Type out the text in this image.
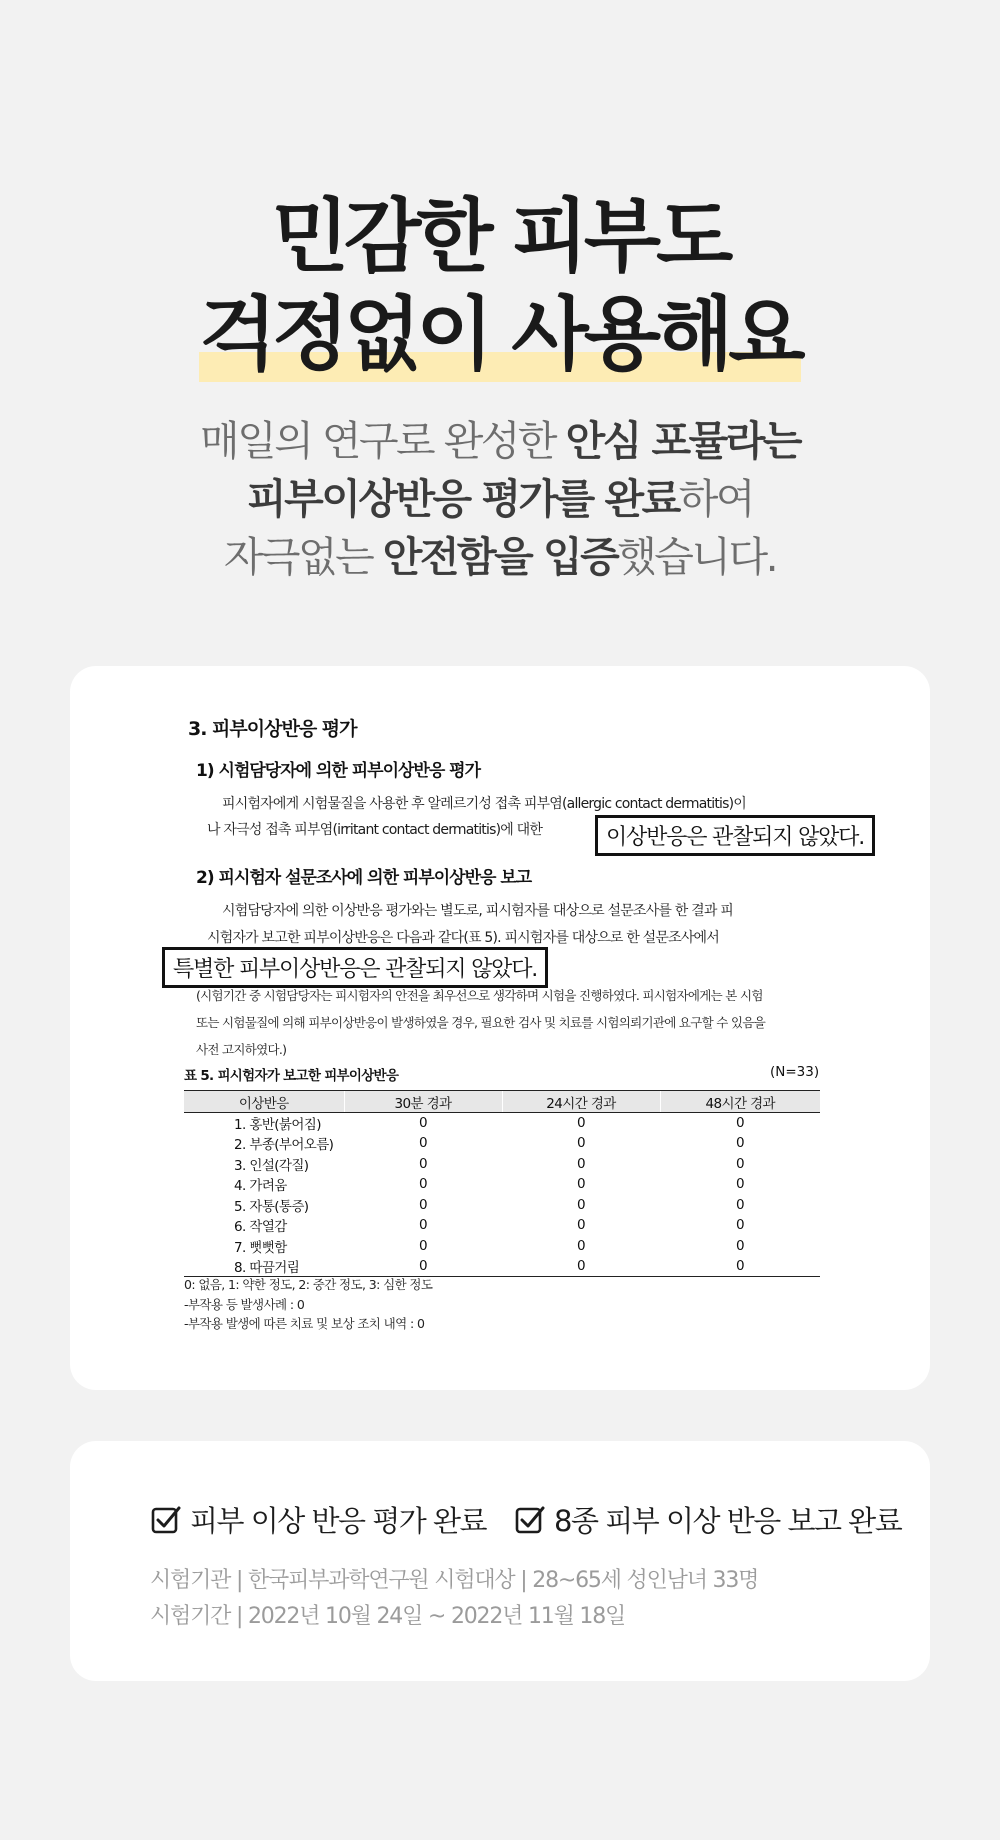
민감한 피부도
걱정없이 사용해요
매일의 연구로 완성한 안심 포뮬라는
피부이상반응 평가를 완료하여
자극없는 안전함을 입증했습니다.
3. 피부이상반응 평가
1) 시험담당자에 의한 피부이상반응 평가
피시험자에게 시험물질을 사용한 후 알레르기성 접촉 피부염(allergic contact dermatitis)이
나 자극성 접촉 피부염(irritant contact dermatitis)에 대한	이상반응은 관찰되지 않았다.
2) 피시험자 설문조사에 의한 피부이상반응 보고
시험담당자에 의한 이상반응 평가와는 별도로, 피시험자를 대상으로 설문조사를 한 결과 피
시험자가 보고한 피부이상반응은 다음과 같다(표 5). 피시험자를 대상으로 한 설문조사에서
특별한 피부이상반응은 관찰되지 않았다.
(시험기간 중 시험담당자는 피시험자의 안전을 최우선으로 생각하며 시험을 진행하였다. 피시험자에게는 본 시험
또는 시험물질에 의해 피부이상반응이 발생하였을 경우, 필요한 검사 및 치료를 시험의뢰기관에 요구할 수 있음을
사전 고지하였다.)
표 5. 피시험자가 보고한 피부이상반응	(N=33)
이상반응	30분 경과	24시간 경과	48시간 경과
1. 홍반(붉어짐)	0	0	0
2. 부종(부어오름)	0	0	0
3. 인설(각질)	0	0	0
4. 가려움	0	0	0
5. 자통(통증)	0	0	0
6. 작열감	0	0	0
7. 뻣뻣함	0	0	0
8. 따끔거림	0	0	0
0: 없음, 1: 약한 정도, 2: 중간 정도, 3: 심한 정도
-부작용 등 발생사례 : 0
-부작용 발생에 따른 치료 및 보상 조치 내역 : 0
피부 이상 반응 평가 완료 8종 피부 이상 반응 보고 완료
시험기관 | 한국피부과학연구원 시험대상 | 28~65세 성인남녀 33명
시험기간 | 2022년 10월 24일 ~ 2022년 11월 18일
